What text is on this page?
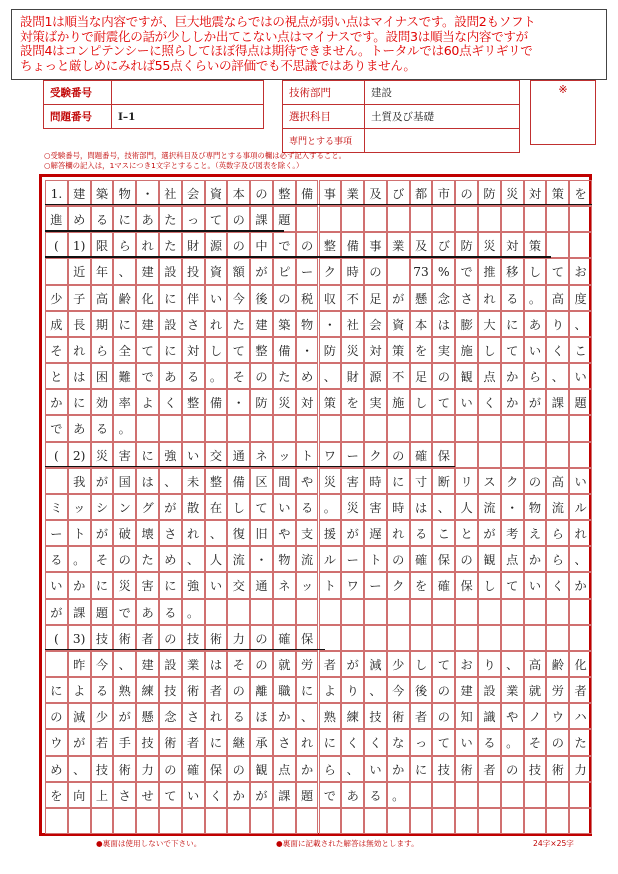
設問1は順当な内容ですが、巨大地震ならではの視点が弱い点はマイナスです。設問2もソフト
対策ばかりで耐震化の話が少ししか出てこない点はマイナスです。設問3は順当な内容ですが
設問4はコンピテンシーに照らしてほぼ得点は期待できません。トータルでは60点ギリギリで
ちょっと厳しめにみれば55点くらいの評価でも不思議ではありません。
受験番号	
問題番号	I–1
技術部門	建設
選択科目	土質及び基礎
専門とする事項	
※
○受験番号，問題番号，技術部門，選択科目及び専門とする事項の欄は必ず記入すること。
○解答欄の記入は，1マスにつき1文字とすること。（英数字及び図表を除く。）
1. 建 築 物 ・ 社 会 資 本 の 整 備 事 業 及 び 都 市 の 防 災 対 策 を
進 め る に あ た っ て の 課 題
(	1) 限 ら れ た 財 源 の 中 で の 整 備 事 業 及 び 防 災 対 策

近 年 、 建 設 投 資 額 が ピ ー ク 時 の
　	73 % で 推 移 し て お
少 子 高 齢 化 に 伴 い 今 後 の 税 収 不 足 が 懸 念 さ れ る 。 高 度
成 長 期 に 建 設 さ れ た 建 築 物 ・ 社 会 資 本 は 膨 大 に あ り 、
そ れ ら 全 て に 対 し て 整 備 ・ 防 災 対 策 を 実 施 し て い く こ
と は 困 難 で あ る 。 そ の た め 、 財 源 不 足 の 観 点 か ら 、 い
か に 効 率 よ く 整 備 ・ 防 災 対 策 を 実 施 し て い く か が 課 題
で あ る 。
(	2) 災 害 に 強 い 交 通 ネ ッ ト ワ ー ク の 確 保

我 が 国 は 、 未 整 備 区 間 や 災 害 時 に 寸 断 リ ス ク の 高 い
ミ ッ シ ン グ が 散 在 し て い る 。 災 害 時 は 、 人 流 ・ 物 流 ル
ー ト が 破 壊 さ れ 、 復 旧 や 支 援 が 遅 れ る こ と が 考 え ら れ
る 。 そ の た め 、 人 流 ・ 物 流 ル ー ト の 確 保 の 観 点 か ら 、
い か に 災 害 に 強 い 交 通 ネ ッ ト ワ ー ク を 確 保 し て い く か
が 課 題 で あ る 。
(	3) 技 術 者 の 技 術 力 の 確 保

昨 今 、 建 設 業 は そ の 就 労 者 が 減 少 し て お り 、 高 齢 化
に よ る 熟 練 技 術 者 の 離 職 に よ り 、 今 後 の 建 設 業 就 労 者
の 減 少 が 懸 念 さ れ る ほ か 、 熟 練 技 術 者 の 知 識 や ノ ウ ハ
ウ が 若 手 技 術 者 に 継 承 さ れ に く く な っ て い る 。 そ の た
め 、 技 術 力 の 確 保 の 観 点 か ら 、 い か に 技 術 者 の 技 術 力
を 向 上 さ せ て い く か が 課 題 で あ る 。
●裏面は使用しないで下さい。	●裏面に記載された解答は無効とします。	24字×25字
